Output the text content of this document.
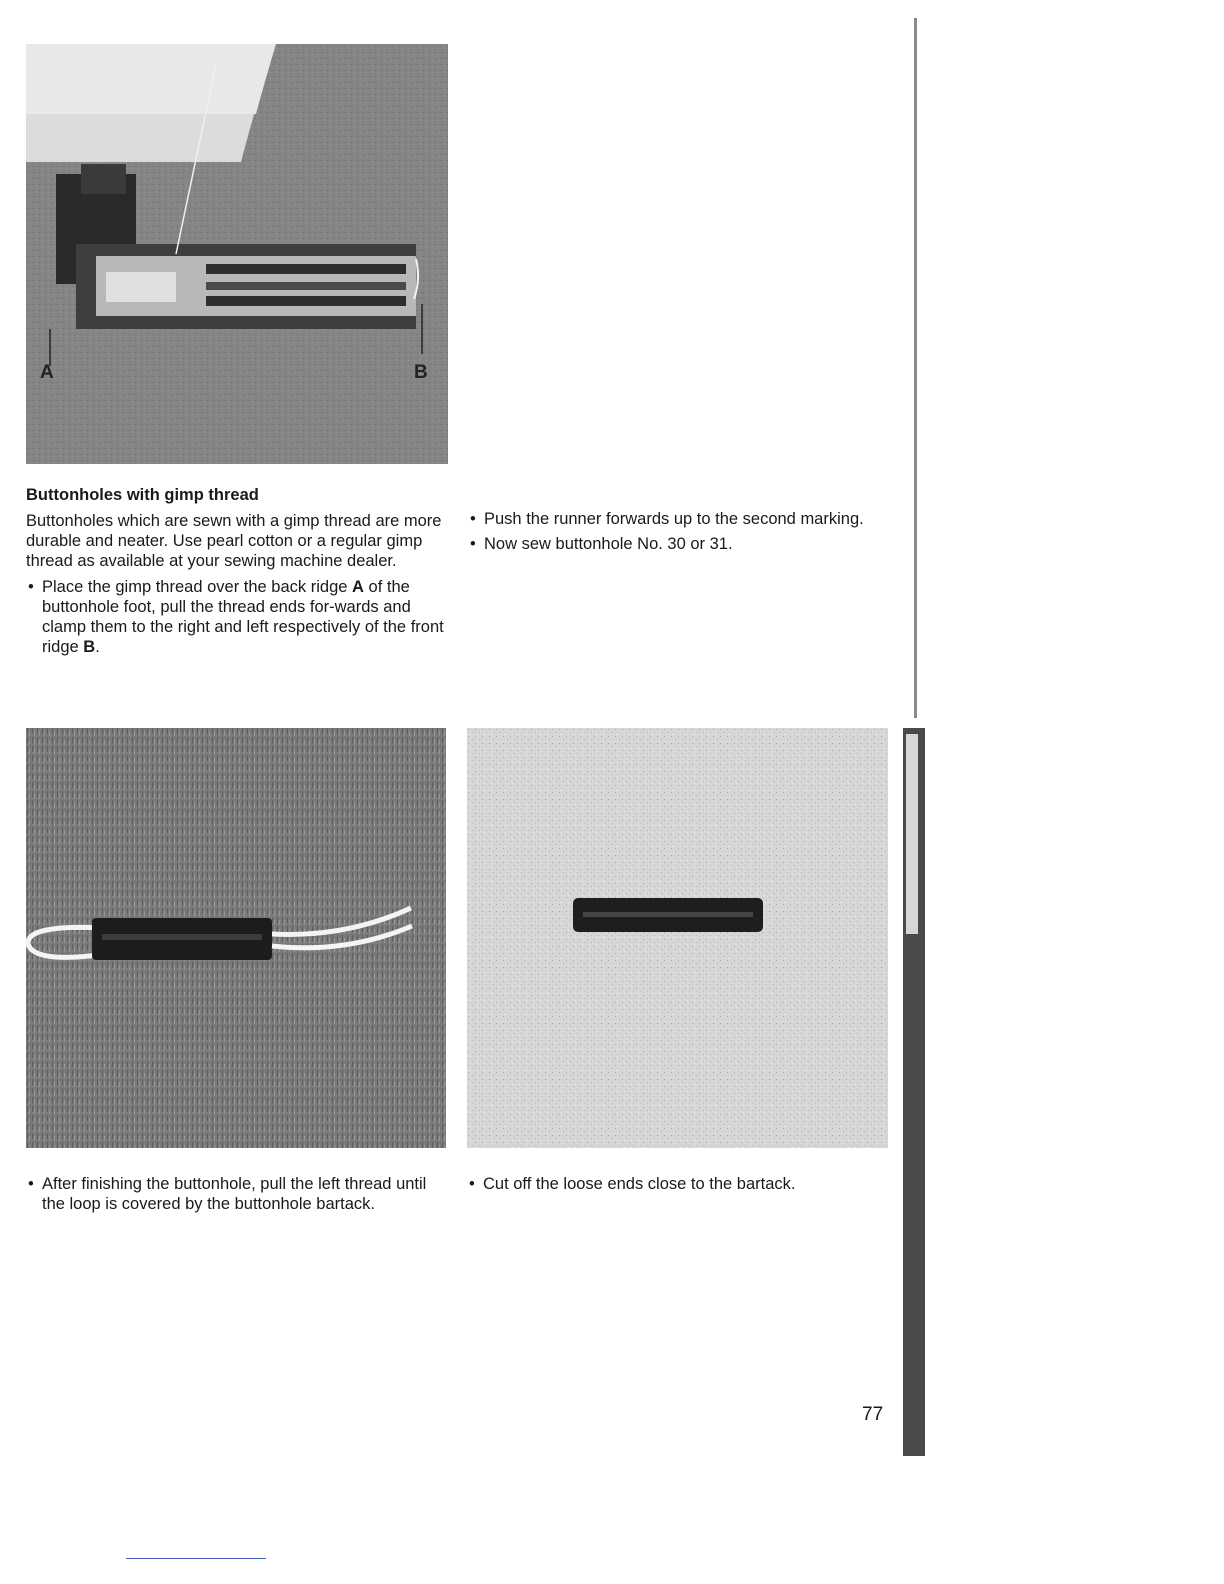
A	B
Buttonholes with gimp thread

Buttonholes which are sewn with a gimp thread are more durable and neater. Use pearl cotton or a regular gimp thread as available at your sewing machine dealer.

• Place the gimp thread over the back ridge A of the buttonhole foot, pull the thread ends for-wards and clamp them to the right and left respectively of the front ridge B.
• Push the runner forwards up to the second marking.
• Now sew buttonhole No. 30 or 31.
• After finishing the buttonhole, pull the left thread until the loop is covered by the buttonhole bartack.
• Cut off the loose ends close to the bartack.
77
